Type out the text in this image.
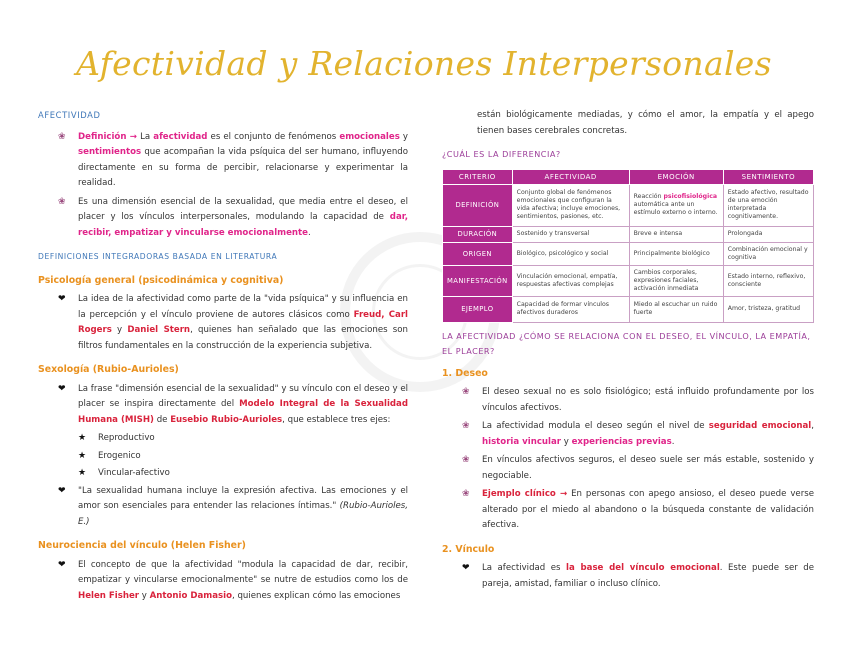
Afectividad y Relaciones Interpersonales
AFECTIVIDAD
❀ Definición → La afectividad es el conjunto de fenómenos emocionales y sentimientos que acompañan la vida psíquica del ser humano, influyendo directamente en su forma de percibir, relacionarse y experimentar la realidad.
❀ Es una dimensión esencial de la sexualidad, que media entre el deseo, el placer y los vínculos interpersonales, modulando la capacidad de dar, recibir, empatizar y vincularse emocionalmente.
DEFINICIONES INTEGRADORAS BASADA EN LITERATURA
Psicología general (psicodinámica y cognitiva)
❤ La idea de la afectividad como parte de la "vida psíquica" y su influencia en la percepción y el vínculo proviene de autores clásicos como Freud, Carl Rogers y Daniel Stern, quienes han señalado que las emociones son filtros fundamentales en la construcción de la experiencia subjetiva.
Sexología (Rubio-Aurioles)
❤ La frase "dimensión esencial de la sexualidad" y su vínculo con el deseo y el placer se inspira directamente del Modelo Integral de la Sexualidad Humana (MISH) de Eusebio Rubio-Aurioles, que establece tres ejes:
★ Reproductivo
★ Erogenico
★ Vincular-afectivo
❤ "La sexualidad humana incluye la expresión afectiva. Las emociones y el amor son esenciales para entender las relaciones íntimas." (Rubio-Aurioles, E.)
Neurociencia del vínculo (Helen Fisher)
❤ El concepto de que la afectividad "modula la capacidad de dar, recibir, empatizar y vincularse emocionalmente" se nutre de estudios como los de Helen Fisher y Antonio Damasio, quienes explican cómo las emociones
están biológicamente mediadas, y cómo el amor, la empatía y el apego tienen bases cerebrales concretas.
¿CUÁL ES LA DIFERENCIA?
CRITERIO	AFECTIVIDAD	EMOCIÓN	SENTIMIENTO
DEFINICIÓN	Conjunto global de fenómenos emocionales que configuran la vida afectiva; incluye emociones, sentimientos, pasiones, etc.	Reacción psicofisiológica automática ante un estímulo externo o interno.	Estado afectivo, resultado de una emoción interpretada cognitivamente.
DURACIÓN	Sostenido y transversal	Breve e intensa	Prolongada
ORIGEN	Biológico, psicológico y social	Principalmente biológico	Combinación emocional y cognitiva
MANIFESTACIÓN	Vinculación emocional, empatía, respuestas afectivas complejas	Cambios corporales, expresiones faciales, activación inmediata	Estado interno, reflexivo, consciente
EJEMPLO	Capacidad de formar vínculos afectivos duraderos	Miedo al escuchar un ruido fuerte	Amor, tristeza, gratitud
LA AFECTIVIDAD ¿CÓMO SE RELACIONA CON EL DESEO, EL VÍNCULO, LA EMPATÍA, EL PLACER?
1. Deseo
❀ El deseo sexual no es solo fisiológico; está influido profundamente por los vínculos afectivos.
❀ La afectividad modula el deseo según el nivel de seguridad emocional, historia vincular y experiencias previas.
❀ En vínculos afectivos seguros, el deseo suele ser más estable, sostenido y negociable.
❀ Ejemplo clínico → En personas con apego ansioso, el deseo puede verse alterado por el miedo al abandono o la búsqueda constante de validación afectiva.
2. Vínculo
❤ La afectividad es la base del vínculo emocional. Este puede ser de pareja, amistad, familiar o incluso clínico.
